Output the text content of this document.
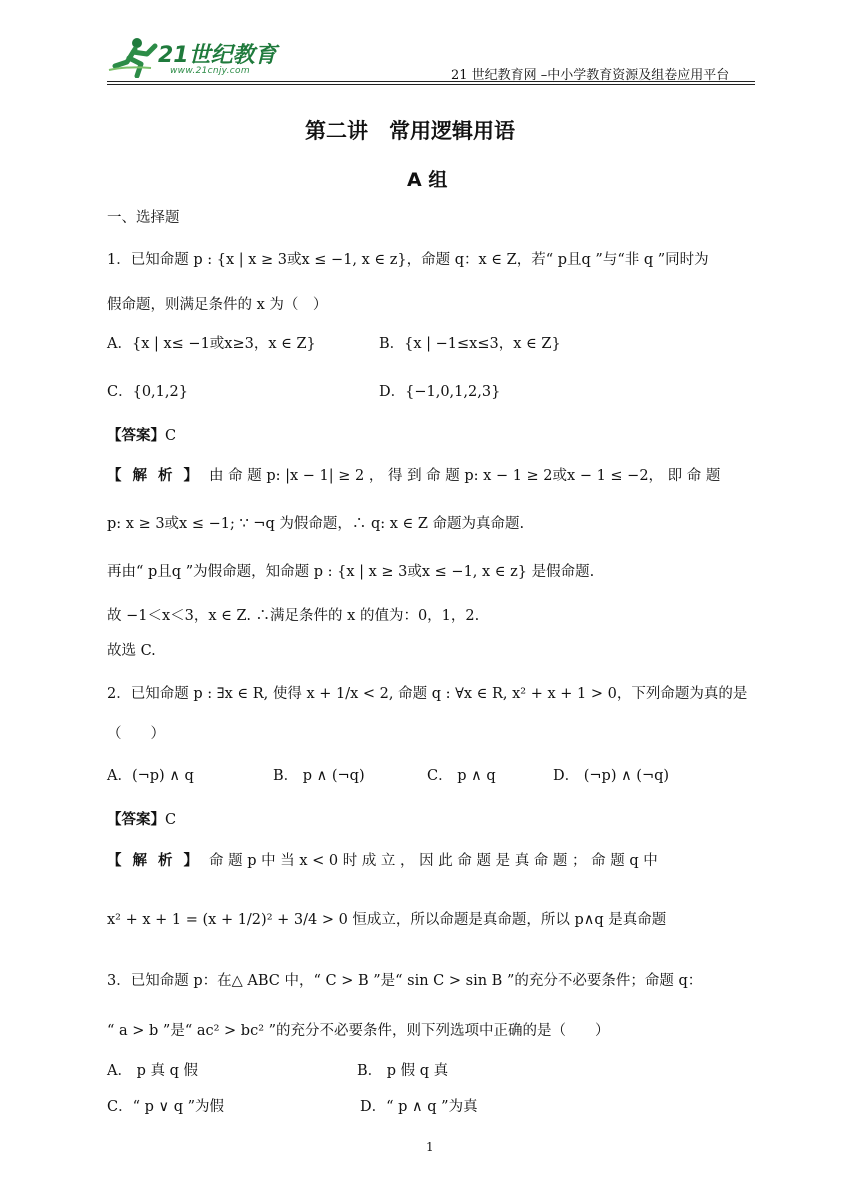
21世纪教育
www.21cnjy.com	21 世纪教育网 –中小学教育资源及组卷应用平台
第二讲　常用逻辑用语
A 组
一、选择题
1．已知命题 p : {x | x ≥ 3或x ≤ −1, x ∈ z}，命题 q：x ∈ Z，若“ p且q ”与“非 q ”同时为
假命题，则满足条件的 x 为（　）
A．{x | x≤ −1或x≥3，x ∈ Z}	B．{x | −1≤x≤3，x ∈ Z}
C．{0,1,2}	D．{−1,0,1,2,3}
【答案】C
【解析】由 命 题 p: |x − 1| ≥ 2 ， 得 到 命 题 p: x − 1 ≥ 2或x − 1 ≤ −2， 即 命 题
p: x ≥ 3或x ≤ −1; ∵ ¬q 为假命题，∴ q: x ∈ Z 命题为真命题.
再由“ p且q ”为假命题，知命题 p : {x | x ≥ 3或x ≤ −1, x ∈ z} 是假命题.
故 −1＜x＜3，x ∈ Z. ∴满足条件的 x 的值为：0，1，2.
故选 C.
2．已知命题 p : ∃x ∈ R, 使得 x + 1/x < 2, 命题 q : ∀x ∈ R, x² + x + 1 > 0，下列命题为真的是
（　　）
A．(¬p) ∧ q	B． p ∧ (¬q)	C． p ∧ q	D． (¬p) ∧ (¬q)
【答案】C
【解析】命 题 p 中 当 x < 0 时 成 立 ， 因 此 命 题 是 真 命 题 ； 命 题 q 中
x² + x + 1 = (x + 1/2)² + 3/4 > 0 恒成立，所以命题是真命题，所以 p∧q 是真命题
3．已知命题 p：在△ ABC 中，“ C > B ”是“ sin C > sin B ”的充分不必要条件；命题 q：
“ a > b ”是“ ac² > bc² ”的充分不必要条件，则下列选项中正确的是（　　）
A． p 真 q 假	B． p 假 q 真
C．“ p ∨ q ”为假	D．“ p ∧ q ”为真
1
